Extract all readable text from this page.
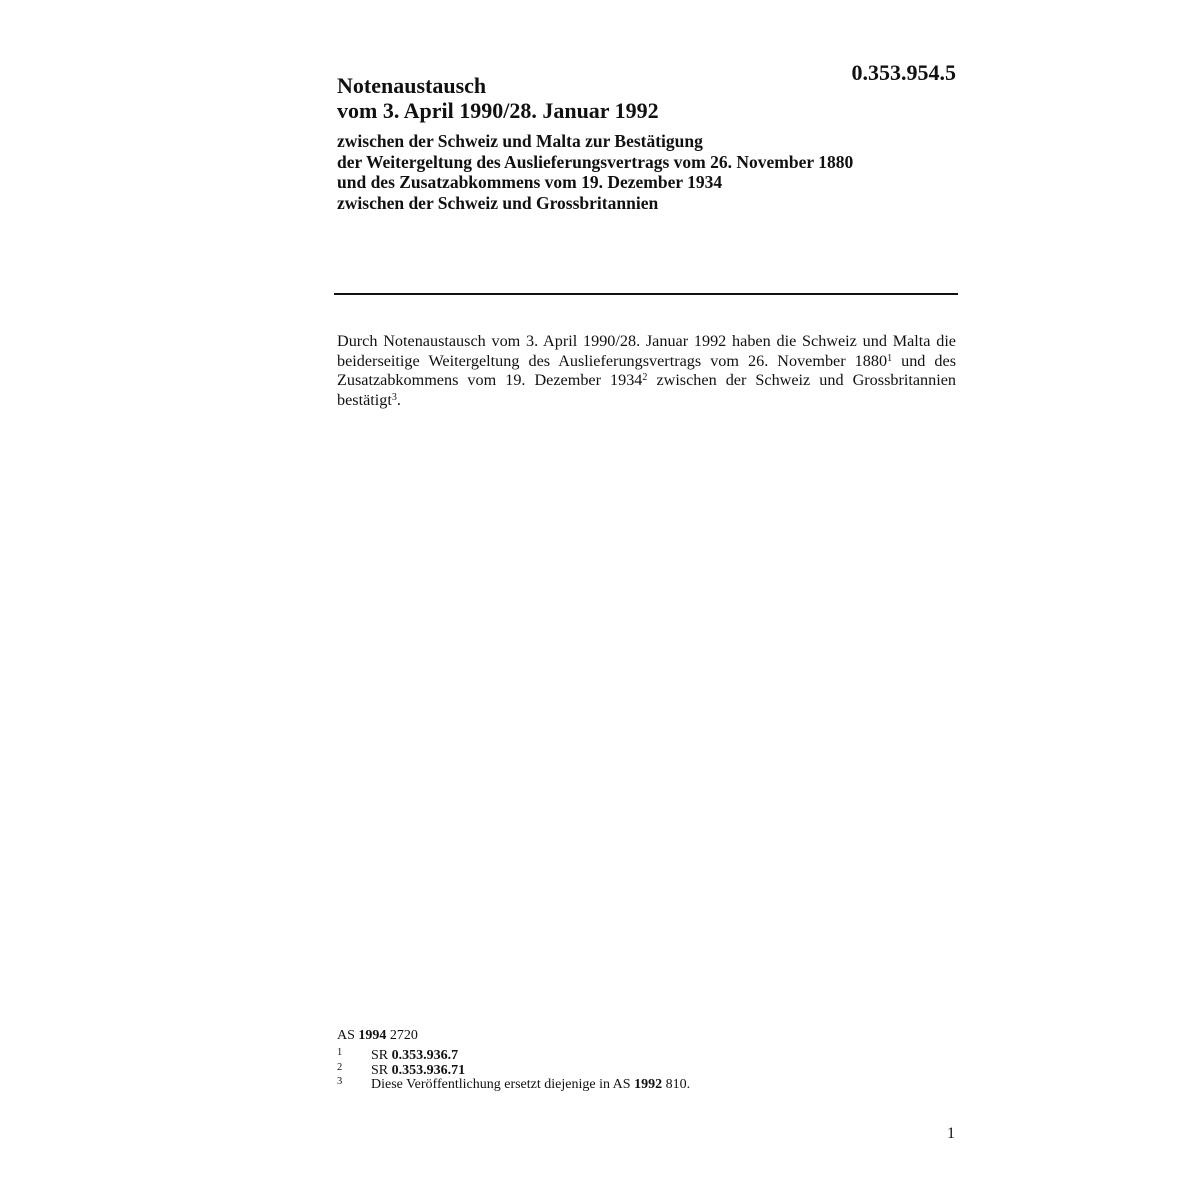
0.353.954.5
Notenaustausch
vom 3. April 1990/28. Januar 1992
zwischen der Schweiz und Malta zur Bestätigung
der Weitergeltung des Auslieferungsvertrags vom 26. November 1880
und des Zusatzabkommens vom 19. Dezember 1934
zwischen der Schweiz und Grossbritannien

Durch Notenaustausch vom 3. April 1990/28. Januar 1992 haben die Schweiz und Malta die beiderseitige Weitergeltung des Auslieferungsvertrags vom 26. November 1880$^1$ und des Zusatzabkommens vom 19. Dezember 1934$^2$ zwischen der Schweiz und Grossbritannien bestätigt$^3$.

AS 1994 2720
1 SR 0.353.936.7
2 SR 0.353.936.71
3 Diese Veröffentlichung ersetzt diejenige in AS 1992 810.
1
